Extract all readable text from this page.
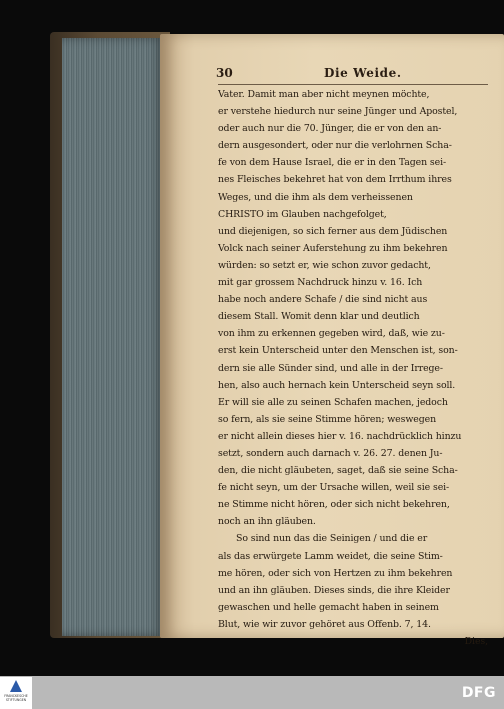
30	Die Weide.
Vater. Damit man aber nicht meynen möchte,
er verstehe hiedurch nur seine Jünger und Apostel,
oder auch nur die 70. Jünger, die er von den an-
dern ausgesondert, oder nur die verlohrnen Scha-
fe von dem Hause Israel, die er in den Tagen sei-
nes Fleisches bekehret hat von dem Irrthum ihres
Weges, und die ihm als dem verheissenen
CHRISTO im Glauben nachgefolget,
und diejenigen, so sich ferner aus dem Jüdischen
Volck nach seiner Auferstehung zu ihm bekehren
würden: so setzt er, wie schon zuvor gedacht,
mit gar grossem Nachdruck hinzu v. 16. Ich
habe noch andere Schafe / die sind nicht aus
diesem Stall. Womit denn klar und deutlich
von ihm zu erkennen gegeben wird, daß, wie zu-
erst kein Unterscheid unter den Menschen ist, son-
dern sie alle Sünder sind, und alle in der Irrege-
hen, also auch hernach kein Unterscheid seyn soll.
Er will sie alle zu seinen Schafen machen, jedoch
so fern, als sie seine Stimme hören; weswegen
er nicht allein dieses hier v. 16. nachdrücklich hinzu
setzt, sondern auch darnach v. 26. 27. denen Ju-
den, die nicht gläubeten, saget, daß sie seine Scha-
fe nicht seyn, um der Ursache willen, weil sie sei-
ne Stimme nicht hören, oder sich nicht bekehren,
noch an ihn gläuben.
So sind nun das die Seinigen / und die er
als das erwürgete Lamm weidet, die seine Stim-
me hören, oder sich von Hertzen zu ihm bekehren
und an ihn gläuben. Dieses sinds, die ihre Kleider
gewaschen und helle gemacht haben in seinem
Blut, wie wir zuvor gehöret aus Offenb. 7, 14.
Dies,
FRANCKESCHE STIFTUNGEN	DFG
